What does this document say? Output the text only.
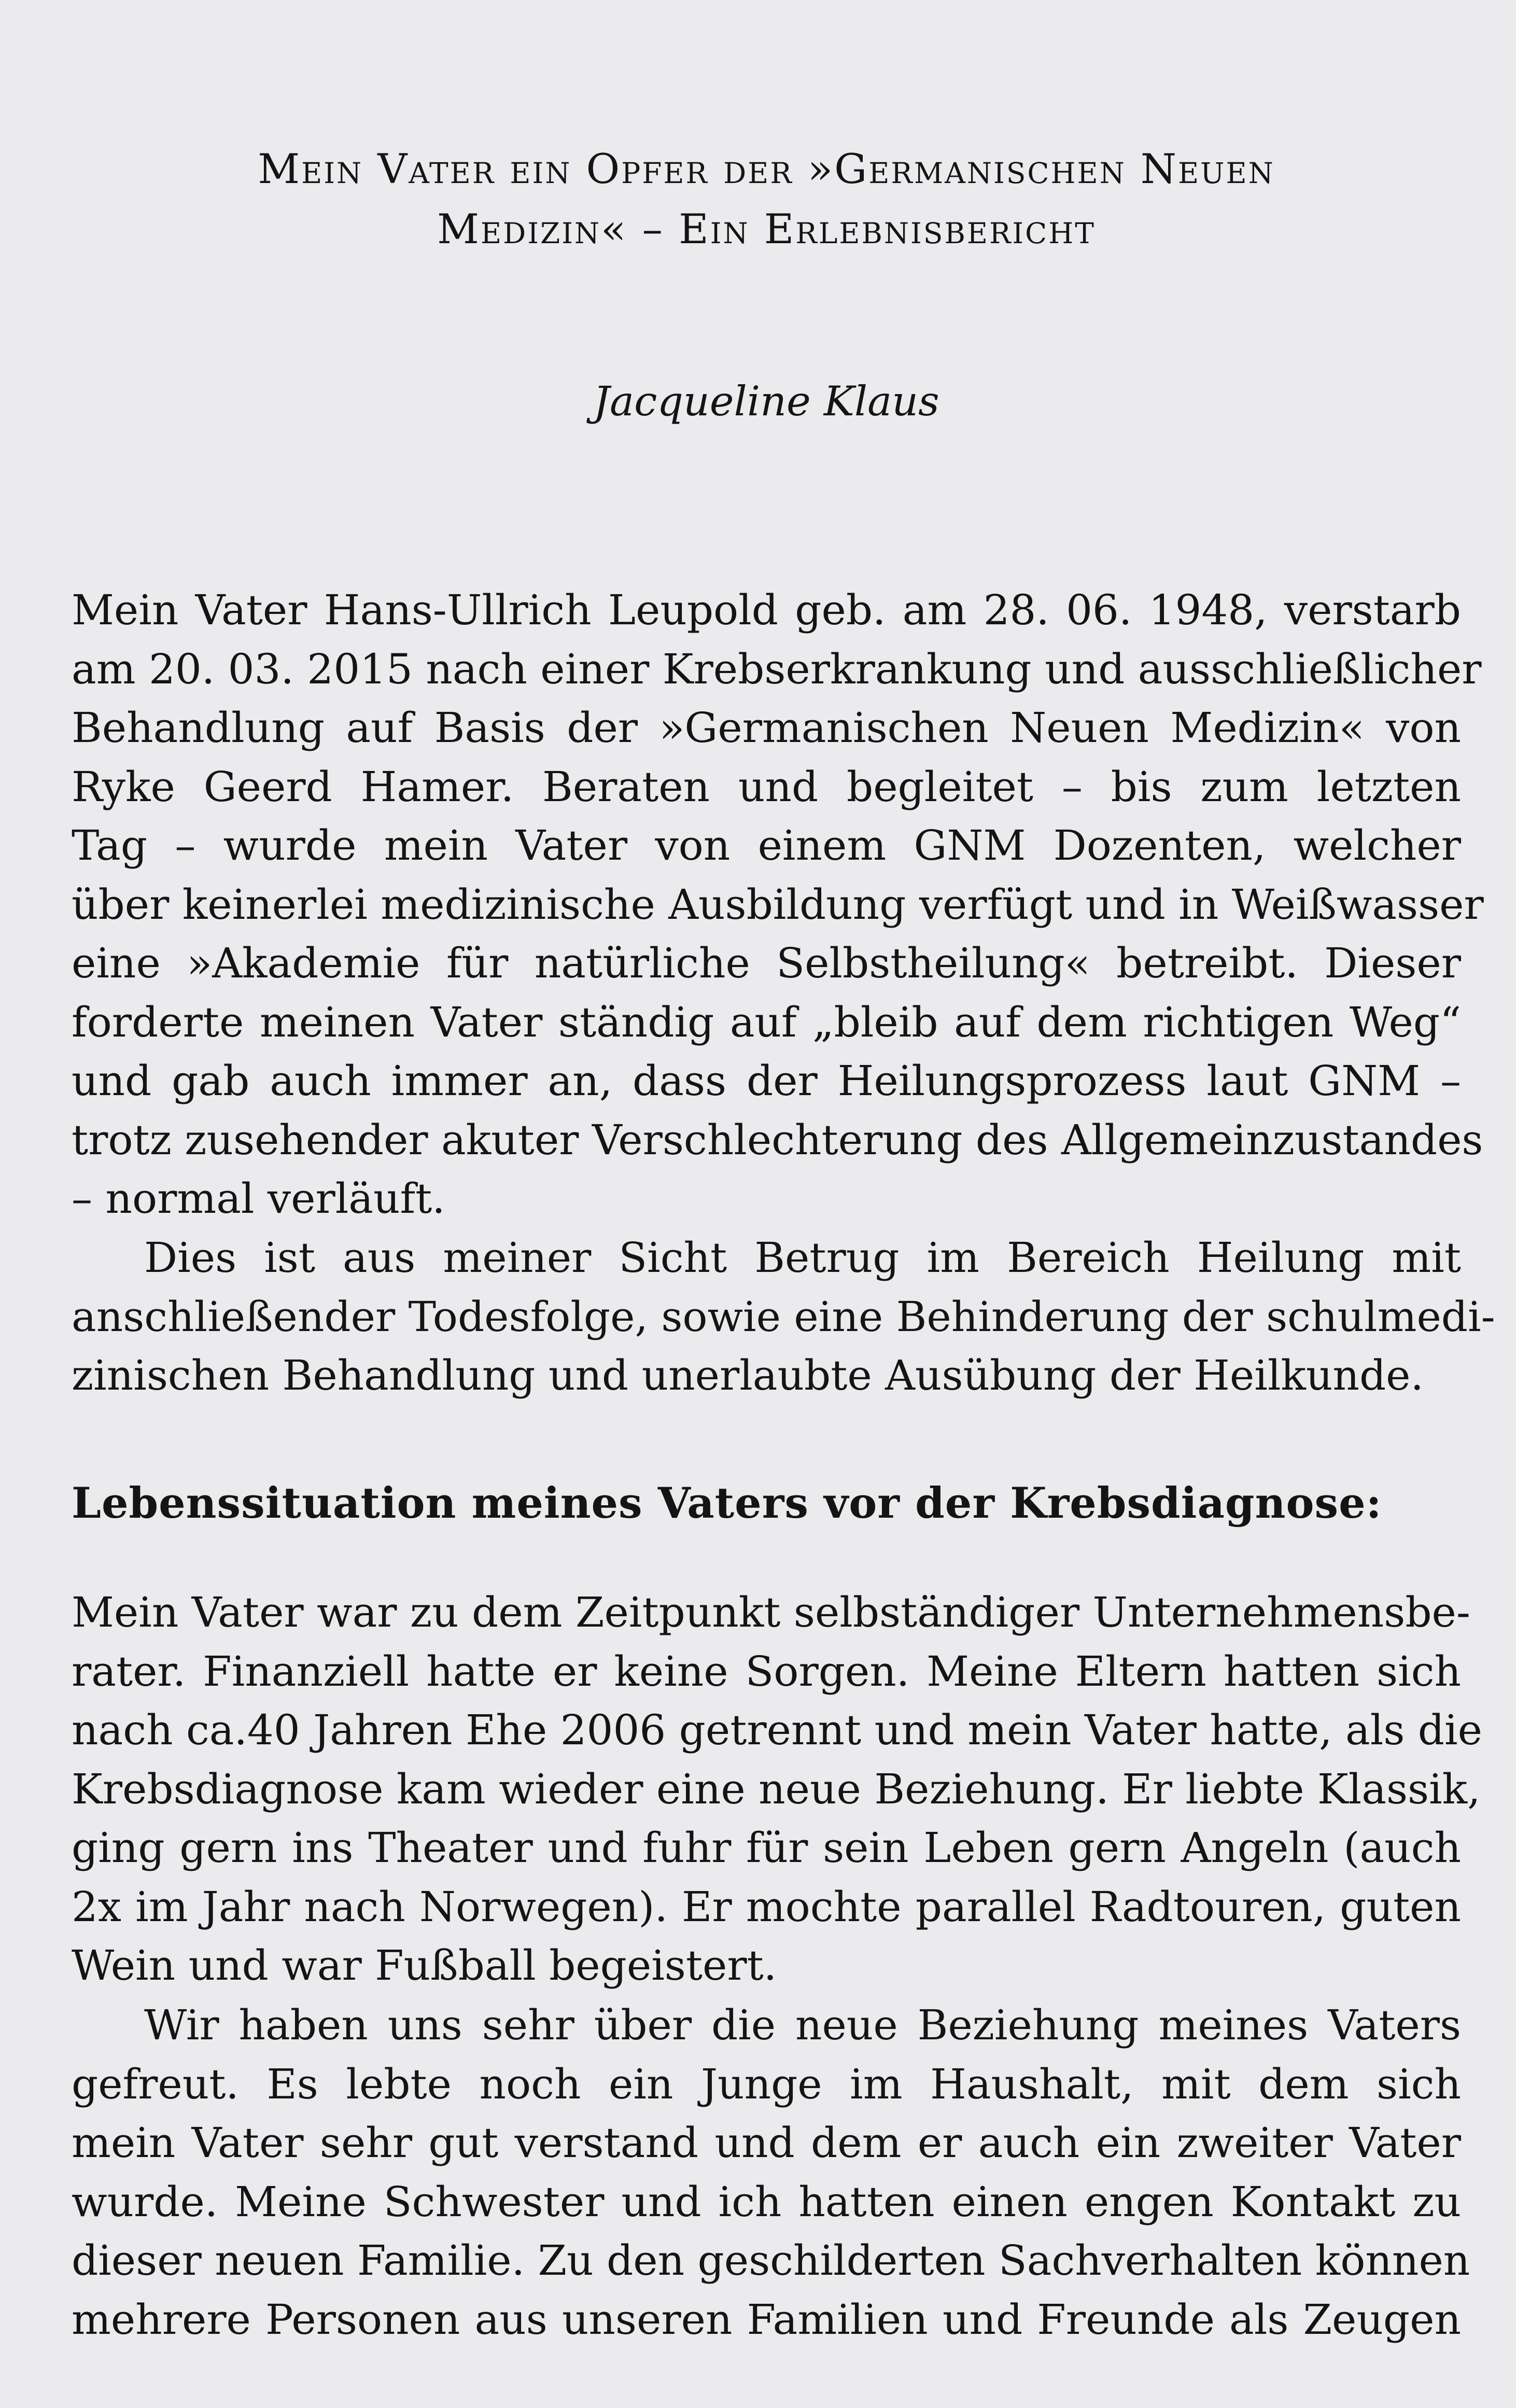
Mein Vater ein Opfer der »Germanischen Neuen
Medizin« – Ein Erlebnisbericht
Jacqueline Klaus
Mein Vater Hans-Ullrich Leupold geb. am 28. 06. 1948, verstarb
am 20. 03. 2015 nach einer Krebserkrankung und ausschließlicher
Behandlung auf Basis der »Germanischen Neuen Medizin« von
Ryke Geerd Hamer. Beraten und begleitet – bis zum letzten
Tag – wurde mein Vater von einem GNM Dozenten, welcher
über keinerlei medizinische Ausbildung verfügt und in Weißwasser
eine »Akademie für natürliche Selbstheilung« betreibt. Dieser
forderte meinen Vater ständig auf „bleib auf dem richtigen Weg“
und gab auch immer an, dass der Heilungsprozess laut GNM –
trotz zusehender akuter Verschlechterung des Allgemeinzustandes
– normal verläuft.
Dies ist aus meiner Sicht Betrug im Bereich Heilung mit
anschließender Todesfolge, sowie eine Behinderung der schulmedi-
zinischen Behandlung und unerlaubte Ausübung der Heilkunde.
Lebenssituation meines Vaters vor der Krebsdiagnose:
Mein Vater war zu dem Zeitpunkt selbständiger Unternehmensbe-
rater. Finanziell hatte er keine Sorgen. Meine Eltern hatten sich
nach ca.40 Jahren Ehe 2006 getrennt und mein Vater hatte, als die
Krebsdiagnose kam wieder eine neue Beziehung. Er liebte Klassik,
ging gern ins Theater und fuhr für sein Leben gern Angeln (auch
2x im Jahr nach Norwegen). Er mochte parallel Radtouren, guten
Wein und war Fußball begeistert.
Wir haben uns sehr über die neue Beziehung meines Vaters
gefreut. Es lebte noch ein Junge im Haushalt, mit dem sich
mein Vater sehr gut verstand und dem er auch ein zweiter Vater
wurde. Meine Schwester und ich hatten einen engen Kontakt zu
dieser neuen Familie. Zu den geschilderten Sachverhalten können
mehrere Personen aus unseren Familien und Freunde als Zeugen
